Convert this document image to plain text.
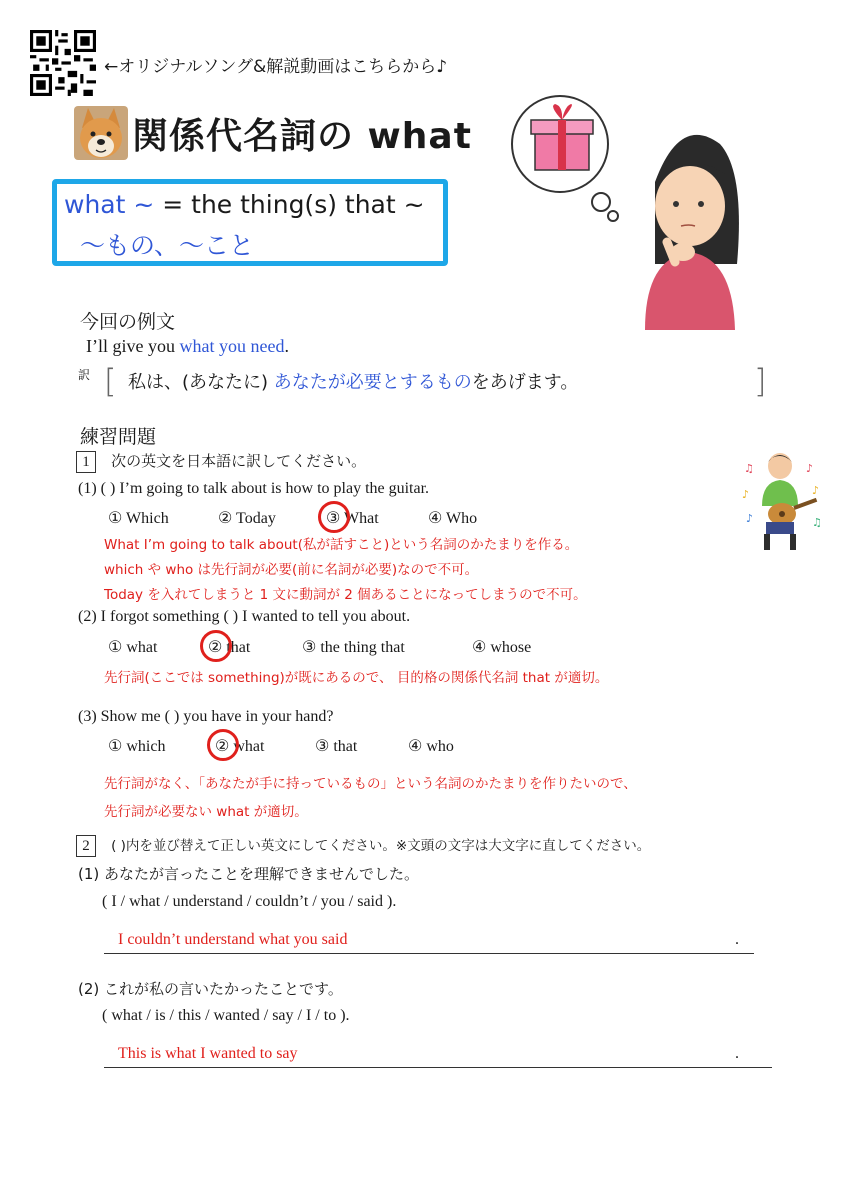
←オリジナルソング&解説動画はこちらから♪
関係代名詞の what
what ~ = the thing(s) that ~
〜もの、〜こと
今回の例文
I’ll give you what you need.
訳 [	]
私は、(あなたに) あなたが必要とするものをあげます。
練習問題
1 次の英文を日本語に訳してください。	♫	♪
♪	♪
♪	♫
(1) ( ) I’m going to talk about is how to play the guitar.
① Which	② Today	③ What	④ Who
What I’m going to talk about(私が話すこと)という名詞のかたまりを作る。
which や who は先行詞が必要(前に名詞が必要)なので不可。
Today を入れてしまうと 1 文に動詞が 2 個あることになってしまうので不可。
(2) I forgot something ( ) I wanted to tell you about.
① what	② that	③ the thing that	④ whose
先行詞(ここでは something)が既にあるので、 目的格の関係代名詞 that が適切。
(3) Show me ( ) you have in your hand?
① which	② what	③ that	④ who
先行詞がなく、「あなたが手に持っているもの」という名詞のかたまりを作りたいので、
先行詞が必要ない what が適切。
2 ( )内を並び替えて正しい英文にしてください。※文頭の文字は大文字に直してください。
(1) あなたが言ったことを理解できませんでした。
( I / what / understand / couldn’t / you / said ).
I couldn’t understand what you said	.
(2) これが私の言いたかったことです。
( what / is / this / wanted / say / I / to ).
This is what I wanted to say	.
